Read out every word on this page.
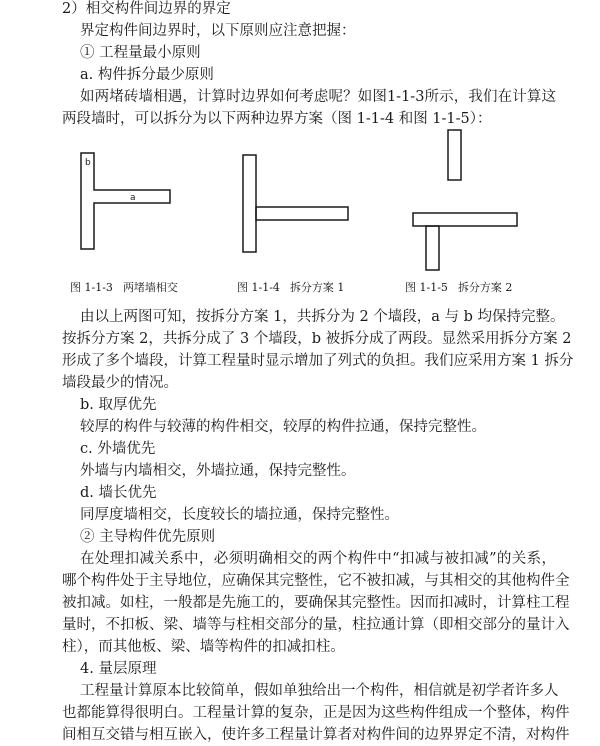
2）相交构件间边界的界定
界定构件间边界时，以下原则应注意把握：
① 工程量最小原则
a. 构件拆分最少原则
如两堵砖墙相遇，计算时边界如何考虑呢？如图1-1-3所示，我们在计算这
两段墙时，可以拆分为以下两种边界方案（图 1-1-4 和图 1-1-5）：
b
a
图 1-1-3 两堵墙相交	图 1-1-4 拆分方案 1	图 1-1-5 拆分方案 2
由以上两图可知，按拆分方案 1，共拆分为 2 个墙段，a 与 b 均保持完整。
按拆分方案 2，共拆分成了 3 个墙段，b 被拆分成了两段。显然采用拆分方案 2
形成了多个墙段，计算工程量时显示增加了列式的负担。我们应采用方案 1 拆分
墙段最少的情况。
b. 取厚优先
较厚的构件与较薄的构件相交，较厚的构件拉通，保持完整性。
c. 外墙优先
外墙与内墙相交，外墙拉通，保持完整性。
d. 墙长优先
同厚度墙相交，长度较长的墙拉通，保持完整性。
② 主导构件优先原则
在处理扣减关系中，必须明确相交的两个构件中“扣减与被扣减”的关系，
哪个构件处于主导地位，应确保其完整性，它不被扣减，与其相交的其他构件全
被扣减。如柱，一般都是先施工的，要确保其完整性。因而扣减时，计算柱工程
量时，不扣板、梁、墙等与柱相交部分的量，柱拉通计算（即相交部分的量计入
柱），而其他板、梁、墙等构件的扣减扣柱。
4. 量层原理
工程量计算原本比较简单，假如单独给出一个构件，相信就是初学者许多人
也都能算得很明白。工程量计算的复杂，正是因为这些构件组成一个整体，构件
间相互交错与相互嵌入，使许多工程量计算者对构件间的边界界定不清，对构件
